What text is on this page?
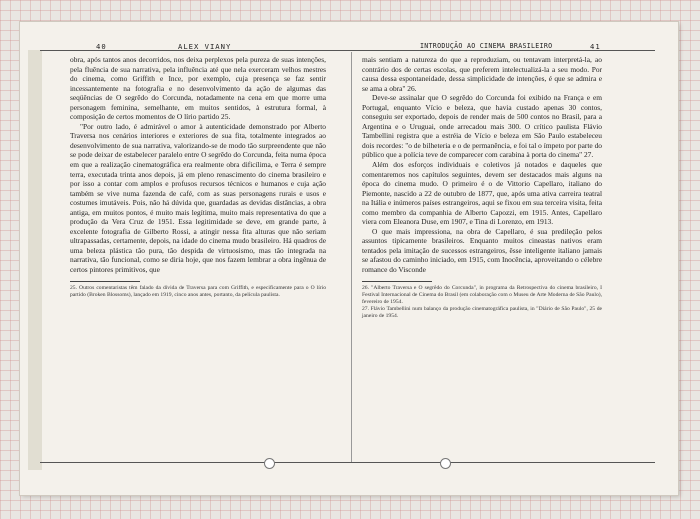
40	ALEX VIANY	INTRODUÇÃO AO CINEMA BRASILEIRO	41

obra, após tantos anos decorridos, nos deixa perplexos pela pureza de suas intenções, pela fluência de sua narrativa, pela influência até que nela exerceram velhos mestres do cinema, como Griffith e Ince, por exemplo, cuja presença se faz sentir incessantemente na fotografia e no desenvolvimento da ação de algumas das seqüências de O segrêdo do Corcunda, notadamente na cena em que morre uma personagem feminina, semelhante, em muitos sentidos, à estrutura formal, à composição de certos momentos de O lírio partido 25.

"Por outro lado, é admirável o amor à autenticidade demonstrado por Alberto Traversa nos cenários interiores e exteriores de sua fita, totalmente integrados ao desenvolvimento de sua narrativa, valorizando-se de modo tão surpreendente que não se pode deixar de estabelecer paralelo entre O segrêdo do Corcunda, feita numa época em que a realização cinematográfica era realmente obra dificílima, e Terra é sempre terra, executada trinta anos depois, já em pleno renascimento do cinema brasileiro e por isso a contar com amplos e profusos recursos técnicos e humanos e cuja ação também se vive numa fazenda de café, com as suas personagens rurais e usos e costumes imutáveis. Pois, não há dúvida que, guardadas as devidas distâncias, a obra antiga, em muitos pontos, é muito mais legítima, muito mais representativa do que a produção da Vera Cruz de 1951. Essa legitimidade se deve, em grande parte, à excelente fotografia de Gilberto Rossi, a atingir nessa fita alturas que não seriam ultrapassadas, certamente, depois, na idade do cinema mudo brasileiro. Há quadros de uma beleza plástica tão pura, tão despida de virtuosismo, mas tão integrada na narrativa, tão funcional, como se diria hoje, que nos fazem lembrar a obra ingênua de certos pintores primitivos, que

25. Outros comentaristas têm falado da dívida de Traversa para com Griffith, e especificamente para o O lírio partido (Broken Blossoms), lançado em 1919, cinco anos antes, portanto, da película paulista.

mais sentiam a natureza do que a reproduziam, ou tentavam interpretá-la, ao contrário dos de certas escolas, que preferem intelectualizá-la a seu modo. Por causa dessa espontaneidade, dessa simplicidade de intenções, é que se admira e se ama a obra" 26.

Deve-se assinalar que O segrêdo do Corcunda foi exibido na França e em Portugal, enquanto Vício e beleza, que havia custado apenas 30 contos, conseguiu ser exportado, depois de render mais de 500 contos no Brasil, para a Argentina e o Uruguai, onde arrecadou mais 300. O crítico paulista Flávio Tambellini registra que a estréia de Vício e beleza em São Paulo estabeleceu dois recordes: "o de bilheteria e o de permanência, e foi tal o ímpeto por parte do público que a polícia teve de comparecer com carabina à porta do cinema" 27.

Além dos esforços individuais e coletivos já notados e daqueles que comentaremos nos capítulos seguintes, devem ser destacados mais alguns na época do cinema mudo. O primeiro é o de Vittorio Capellaro, italiano do Piemonte, nascido a 22 de outubro de 1877, que, após uma ativa carreira teatral na Itália e inúmeros países estrangeiros, aqui se fixou em sua terceira visita, feita como membro da companhia de Alberto Capozzi, em 1915. Antes, Capellaro viera com Eleanora Duse, em 1907, e Tina di Lorenzo, em 1913.

O que mais impressiona, na obra de Capellaro, é sua predileção pelos assuntos tipicamente brasileiros. Enquanto muitos cineastas nativos eram tentados pela imitação de sucessos estrangeiros, êsse inteligente italiano jamais se afastou do caminho iniciado, em 1915, com Inocência, aproveitando o célebre romance do Visconde

26. "Alberto Traversa e O segrêdo do Corcunda", in programa da Retrospectiva do cinema brasileiro, I Festival Internacional de Cinema do Brasil (em colaboração com o Museu de Arte Moderna de São Paulo), fevereiro de 1954.
27. Flávio Tambellini num balanço da produção cinematográfica paulista, in "Diário de São Paulo", 25 de janeiro de 1954.
